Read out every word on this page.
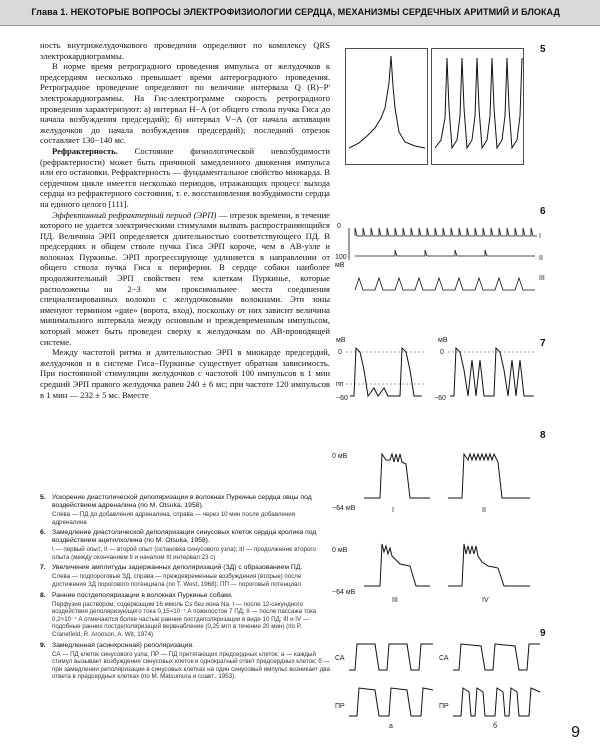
Глава 1. НЕКОТОРЫЕ ВОПРОСЫ ЭЛЕКТРОФИЗИОЛОГИИ СЕРДЦА, МЕХАНИЗМЫ СЕРДЕЧНЫХ АРИТМИЙ И БЛОКАД

ность внутрижелудочкового проведения определяют по комплексу QRS электрокардиограммы.

В норме время ретроградного проведения импульса от желудочков к предсердиям несколько превышает время антероградного проведения. Ретроградное проведение определяют по величине интервала Q (R)−P' электрокардиограммы. На Гис-электрограмме скорость ретроградного проведения характеризуют: а) интервал H−A (от общего ствола пучка Гиса до начала возбуждения предсердий); б) интервал V−A (от начала активации желудочков до начала возбуждения предсердий); последний отрезок составляет 130−140 мс.

Рефрактерность. Состояние физиологической невозбудимости (рефрактерности) может быть причиной замедленного движения импульса или его остановки. Рефрактерность — фундаментальное свойство миокарда. В сердечном цикле имеется несколько периодов, отражающих процесс выхода сердца из рефрактерного состояния, т. е. восстановления возбудимости сердца на единого целого [111].

Эффективный рефрактерный период (ЭРП) — отрезок времени, в течение которого не удается электрическими стимулами вызвать распространяющийся ПД. Величина ЭРП определяется длительностью соответствующего ПД. В предсердиях и общем стволе пучка Гиса ЭРП короче, чем в АВ-узле и волокнах Пуркинье. ЭРП прогрессирующе удлиняется в направлении от общего ствола пучка Гиса к периферии. В сердце собаки наиболее продолжительный ЭРП свойствен тем клеткам Пуркинье, которые расположены на 2−3 мм проксимальнее места соединения специализированных волокон с желудочковыми волокнами. Эти зоны именуют термином «gate» (ворота, вход), поскольку от них зависит величина минимального интервала между основным и преждевременным импульсом, который может быть проведен сверху к желудочкам по АВ-проводящей системе.

Между частотой ритма и длительностью ЭРП в миокарде предсердий, желудочков и в системе Гиса−Пуркинье существует обратная зависимость. При постоянной стимуляции желудочков с частотой 100 импульсов в 1 мин средний ЭРП правого желудочка равен 240 ± 6 мс; при частоте 120 импульсов в 1 мин — 232 ± 5 мс. Вместе

5. Ускорение диастолической деполяризации в волокнах Пуркинье сердца овцы под воздействием адреналина (по M. Otsuka, 1958).
Слева — ПД до добавления адреналина, справа — через 10 мин после добавления адреналина
6. Замедление диастолической деполяризации синусовых клеток сердца кролика под воздействием ацетилхолина (по M. Otsuka, 1958).
I — первый опыт; II — второй опыт (остановка синусового узла); III — продолжение второго опыта (между окончанием II и началом III интервал 23 с)
7. Увеличение амплитуды задержанных деполяризаций (ЗД) с образованием ПД.
Слева — подпороговые ЗД, справа — преждевременные возбуждения (вторые) после достижения ЗД порогового потенциала (по T. West, 1968); ПП — пороговый потенциал
8. Ранние постдеполяризации в волокнах Пуркинье собаки.
Перфузия раствором, содержащим 16 ммоль Cs без иона Na. I — после 12-секундного воздействия деполяризующего тока 0,15×10⁻⁷ А пожилостое 7 ПД; II — после пассажа тока 0,2×10⁻⁷ А отмечаются более частые ранние постдеполяризации в виде 10 ПД; III и IV — подобные ранних постдеполяризаций вервнабление (0,25 мгл в течение 20 мин) (по P. Cranefield, R. Aronson, A. Wit, 1974)
9. Замедленная (асинхронная) реполяризация.
СА — ПД клеток синусового узла; ПР — ПД притягающих предсердных клеток; а — каждый стимул вызывает возбуждение синусовых клеток и однократный ответ предсердных клеток; б — при замедлении реполяризации в синусовых клетках на один синусовый импульс возникает два ответа в предсердных клетках (по M. Matsumura и соавт., 1953).
5
6
0
100
мВ
I
II
III
7
мВ
0
пп
−60
мВ
0
−60
8
0 мВ
−64 мВ	I	II
0 мВ
−64 мВ
III	IV
9
СА
ПР
а
СА
ПР
б	9
